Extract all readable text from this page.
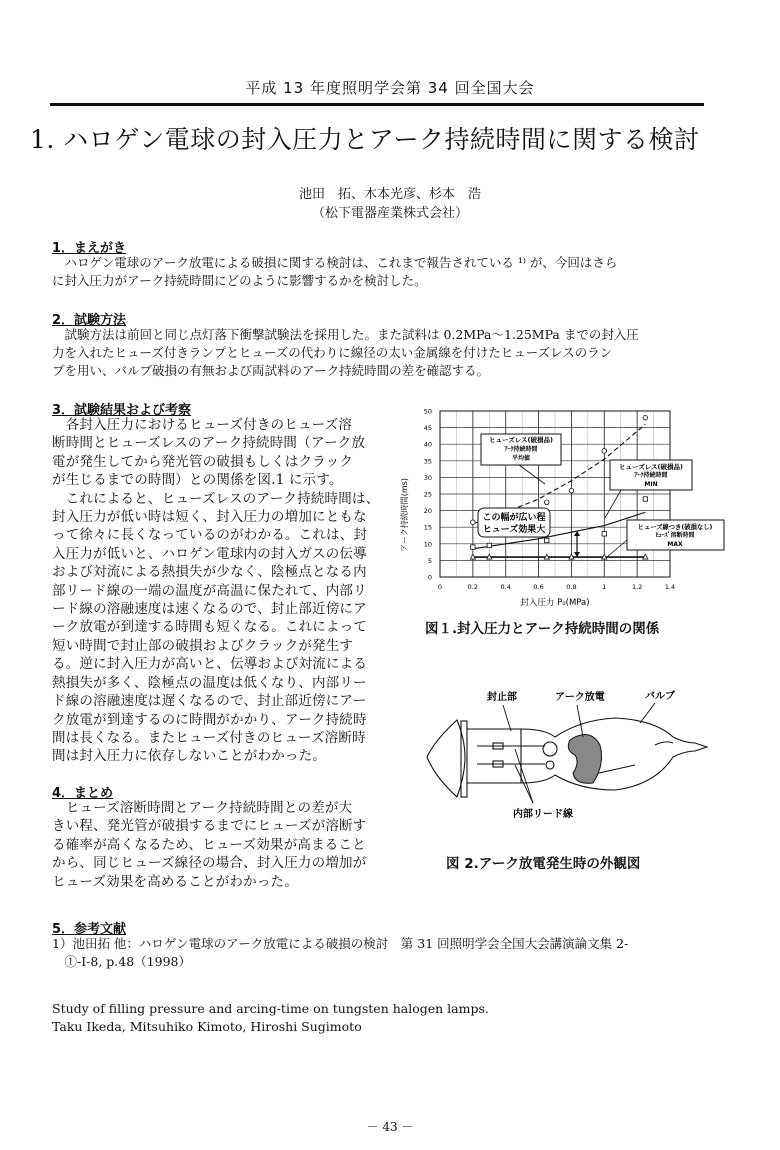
平成 13 年度照明学会第 34 回全国大会
1. ハロゲン電球の封入圧力とアーク持続時間に関する検討
池田　拓、木本光彦、杉本　浩
（松下電器産業株式会社）
1．まえがき

　ハロゲン電球のアーク放電による破損に関する検討は、これまで報告されている ¹⁾ が、今回はさら

に封入圧力がアーク持続時間にどのように影響するかを検討した。

2．試験方法

　試験方法は前回と同じ点灯落下衝撃試験法を採用した。また試料は 0.2MPa～1.25MPa までの封入圧

力を入れたヒューズ付きランプとヒューズの代わりに線径の太い金属線を付けたヒューズレスのラン

プを用い、バルブ破損の有無および両試料のアーク持続時間の差を確認する。

3．試験結果および考察

　各封入圧力におけるヒューズ付きのヒューズ溶

断時間とヒューズレスのアーク持続時間（アーク放

電が発生してから発光管の破損もしくはクラック

が生じるまでの時間）との関係を図.1 に示す。

　これによると、ヒューズレスのアーク持続時間は、

封入圧力が低い時は短く、封入圧力の増加にともな

って徐々に長くなっているのがわかる。これは、封

入圧力が低いと、ハロゲン電球内の封入ガスの伝導

および対流による熱損失が少なく、陰極点となる内

部リード線の一端の温度が高温に保たれて、内部リ

ード線の溶融速度は速くなるので、封止部近傍にア

ーク放電が到達する時間も短くなる。これによって

短い時間で封止部の破損およびクラックが発生す

る。逆に封入圧力が高いと、伝導および対流による

熱損失が多く、陰極点の温度は低くなり、内部リー

ド線の溶融速度は遅くなるので、封止部近傍にアー

ク放電が到達するのに時間がかかり、アーク持続時

間は長くなる。またヒューズ付きのヒューズ溶断時

間は封入圧力に依存しないことがわかった。

4．まとめ

　ヒューズ溶断時間とアーク持続時間との差が大

きい程、発光管が破損するまでにヒューズが溶断す

る確率が高くなるため、ヒューズ効果が高まること

から、同じヒューズ線径の場合、封入圧力の増加が

ヒューズ効果を高めることがわかった。

5．参考文献

1）池田拓 他：ハロゲン電球のアーク放電による破損の検討　第 31 回照明学会全国大会講演論文集 2-

　①-Ⅰ-8, p.48（1998）

Study of filling pressure and arcing-time on tungsten halogen lamps.
Taku Ikeda, Mitsuhiko Kimoto, Hiroshi Sugimoto
－ 43 －
0	0.2	0.4	0.6	0.8	1	1.2	1.4
0
5
10
15
20
25
30
35
40
45
50
アーク持続時間(ms)
封入圧力 P₀(MPa)
ヒューズレス(破損品)
ｱｰｸ持続時間
平均値
ヒューズレス(破損品)
ｱｰｸ持続時間
MIN
ヒューズ線つき(破損なし)
ﾋｭｰｽﾞ溶断時間
MAX
この幅が広い程
ヒューズ効果大
図１.封入圧力とアーク持続時間の関係
封止部	アーク放電	バルブ
内部リード線
図 2.アーク放電発生時の外観図
